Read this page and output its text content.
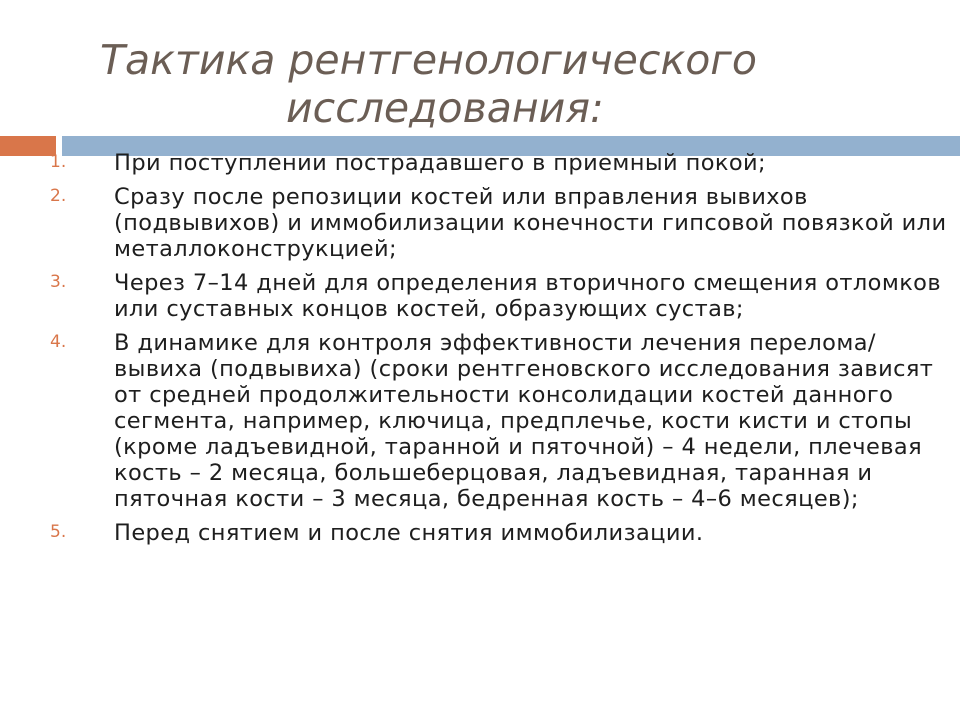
Тактика рентгенологического
исследования:
1. При поступлении пострадавшего в приемный покой;
2. Сразу после репозиции костей или вправления вывихов (подвывихов) и иммобилизации конечности гипсовой повязкой или металлоконструкцией;
3. Через 7–14 дней для определения вторичного смещения отломков или суставных концов костей, образующих сустав;
4. В динамике для контроля эффективности лечения перелома/вывиха (подвывиха) (сроки рентгеновского исследования зависят от средней продолжительности консолидации костей данного сегмента, например, ключица, предплечье, кости кисти и стопы (кроме ладъевидной, таранной и пяточной) – 4 недели, плечевая кость – 2 месяца, большеберцовая, ладъевидная, таранная и пяточная кости – 3 месяца, бедренная кость – 4–6 месяцев);
5. Перед снятием и после снятия иммобилизации.
